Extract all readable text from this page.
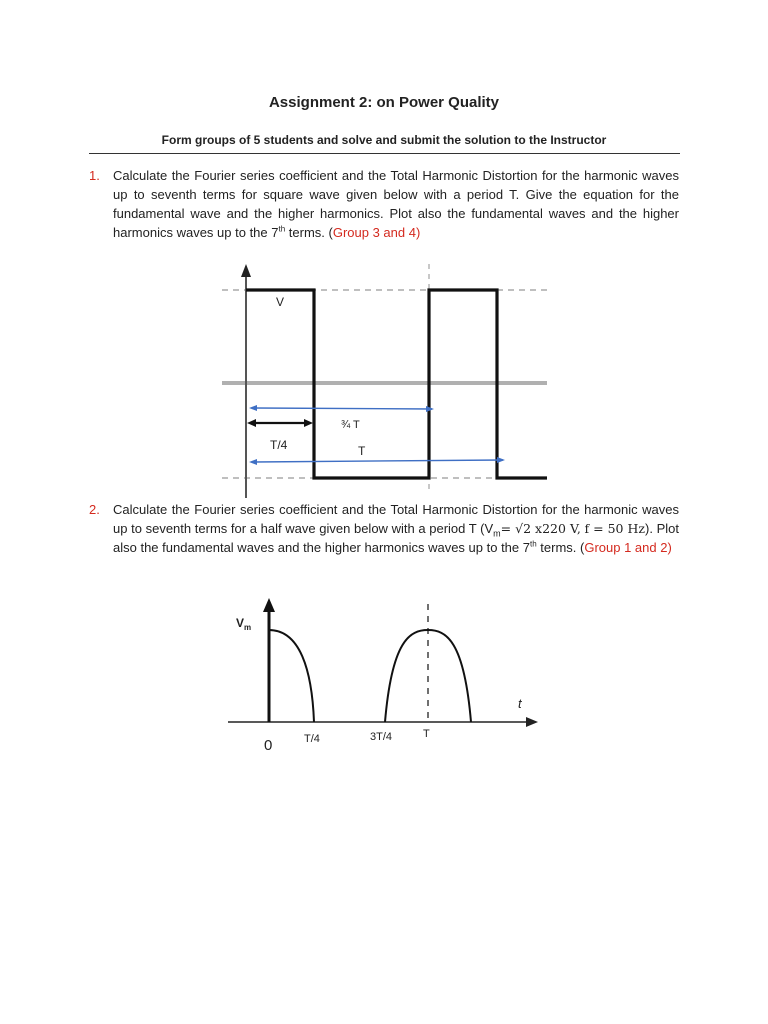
Assignment 2: on Power Quality
Form groups of 5 students and solve and submit the solution to the Instructor
1. Calculate the Fourier series coefficient and the Total Harmonic Distortion for the harmonic waves up to seventh terms for square wave given below with a period T. Give the equation for the fundamental wave and the higher harmonics. Plot also the fundamental waves and the higher harmonics waves up to the 7th terms. (Group 3 and 4)
V
¾ T
T/4	T
2. Calculate the Fourier series coefficient and the Total Harmonic Distortion for the harmonic waves up to seventh terms for a half wave given below with a period T ($V_m= √2$ x220 V, f = 50 Hz). Plot also the fundamental waves and the higher harmonics waves up to the 7th terms. (Group 1 and 2)
$V_m$
t
0	T/4	3T/4	T
